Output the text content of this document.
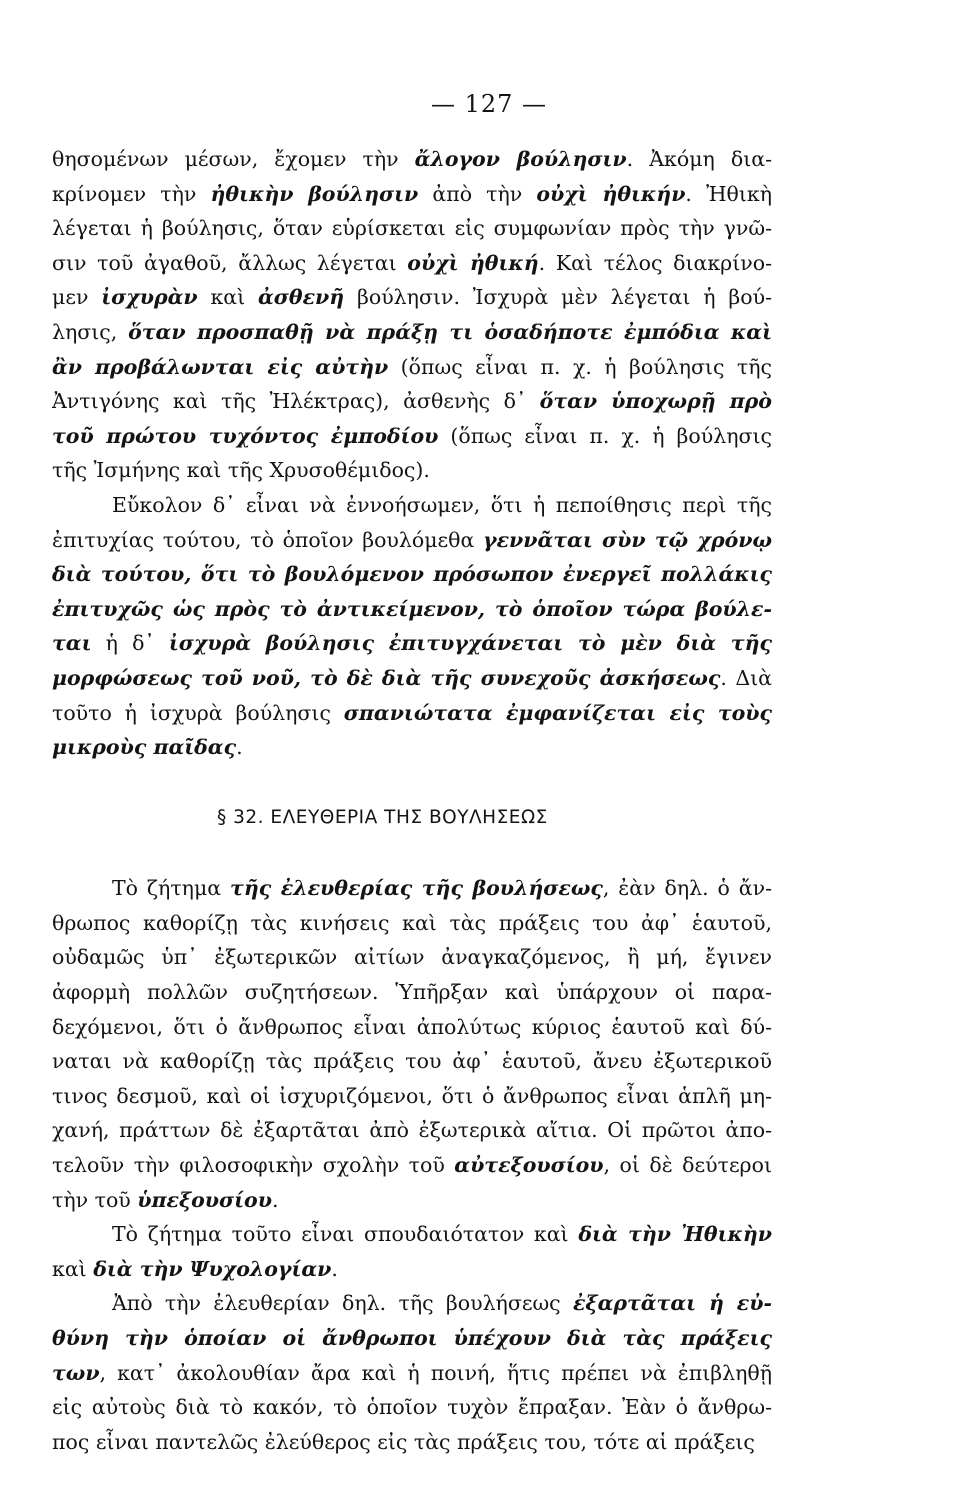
— 127 —
θησομένων μέσων, ἔχομεν τὴν ἄλογον βούλησιν. Ἀκόμη δια-
κρίνομεν τὴν ἠθικὴν βούλησιν ἀπὸ τὴν οὐχὶ ἠθικήν. Ἠθικὴ
λέγεται ἡ βούλησις, ὅταν εὑρίσκεται εἰς συμφωνίαν πρὸς τὴν γνῶ-
σιν τοῦ ἀγαθοῦ, ἄλλως λέγεται οὐχὶ ἠθική. Καὶ τέλος διακρίνο-
μεν ἰσχυρὰν καὶ ἀσθενῆ βούλησιν. Ἰσχυρὰ μὲν λέγεται ἡ βού-
λησις, ὅταν προσπαθῇ νὰ πράξῃ τι ὁσαδήποτε ἐμπόδια καὶ
ἂν προβάλωνται εἰς αὐτὴν (ὅπως εἶναι π. χ. ἡ βούλησις τῆς
Ἀντιγόνης καὶ τῆς Ἠλέκτρας), ἀσθενὴς δ᾽ ὅταν ὑποχωρῇ πρὸ
τοῦ πρώτου τυχόντος ἐμποδίου (ὅπως εἶναι π. χ. ἡ βούλησις
τῆς Ἰσμήνης καὶ τῆς Χρυσοθέμιδος).
Εὔκολον δ᾽ εἶναι νὰ ἐννοήσωμεν, ὅτι ἡ πεποίθησις περὶ τῆς
ἐπιτυχίας τούτου, τὸ ὁποῖον βουλόμεθα γεννᾶται σὺν τῷ χρόνῳ
διὰ τούτου, ὅτι τὸ βουλόμενον πρόσωπον ἐνεργεῖ πολλάκις
ἐπιτυχῶς ὡς πρὸς τὸ ἀντικείμενον, τὸ ὁποῖον τώρα βούλε-
ται ἡ δ᾽ ἰσχυρὰ βούλησις ἐπιτυγχάνεται τὸ μὲν διὰ τῆς
μορφώσεως τοῦ νοῦ, τὸ δὲ διὰ τῆς συνεχοῦς ἀσκήσεως. Διὰ
τοῦτο ἡ ἰσχυρὰ βούλησις σπανιώτατα ἐμφανίζεται εἰς τοὺς
μικροὺς παῖδας.
§ 32. ΕΛΕΥΘΕΡΙΑ ΤΗΣ ΒΟΥΛΗΣΕΩΣ
Τὸ ζήτημα τῆς ἐλευθερίας τῆς βουλήσεως, ἐὰν δηλ. ὁ ἄν-
θρωπος καθορίζῃ τὰς κινήσεις καὶ τὰς πράξεις του ἀφ᾽ ἑαυτοῦ,
οὐδαμῶς ὑπ᾽ ἐξωτερικῶν αἰτίων ἀναγκαζόμενος, ἢ μή, ἔγινεν
ἀφορμὴ πολλῶν συζητήσεων. Ὑπῆρξαν καὶ ὑπάρχουν οἱ παρα-
δεχόμενοι, ὅτι ὁ ἄνθρωπος εἶναι ἀπολύτως κύριος ἑαυτοῦ καὶ δύ-
ναται νὰ καθορίζῃ τὰς πράξεις του ἀφ᾽ ἑαυτοῦ, ἄνευ ἐξωτερικοῦ
τινος δεσμοῦ, καὶ οἱ ἰσχυριζόμενοι, ὅτι ὁ ἄνθρωπος εἶναι ἁπλῆ μη-
χανή, πράττων δὲ ἐξαρτᾶται ἀπὸ ἐξωτερικὰ αἴτια. Οἱ πρῶτοι ἀπο-
τελοῦν τὴν φιλοσοφικὴν σχολὴν τοῦ αὐτεξουσίου, οἱ δὲ δεύτεροι
τὴν τοῦ ὑπεξουσίου.
Τὸ ζήτημα τοῦτο εἶναι σπουδαιότατον καὶ διὰ τὴν Ἠθικὴν
καὶ διὰ τὴν Ψυχολογίαν.
Ἀπὸ τὴν ἐλευθερίαν δηλ. τῆς βουλήσεως ἐξαρτᾶται ἡ εὐ-
θύνη τὴν ὁποίαν οἱ ἄνθρωποι ὑπέχουν διὰ τὰς πράξεις
των, κατ᾽ ἀκολουθίαν ἄρα καὶ ἡ ποινή, ἥτις πρέπει νὰ ἐπιβληθῇ
εἰς αὐτοὺς διὰ τὸ κακόν, τὸ ὁποῖον τυχὸν ἔπραξαν. Ἐὰν ὁ ἄνθρω-
πος εἶναι παντελῶς ἐλεύθερος εἰς τὰς πράξεις του, τότε αἱ πράξεις
